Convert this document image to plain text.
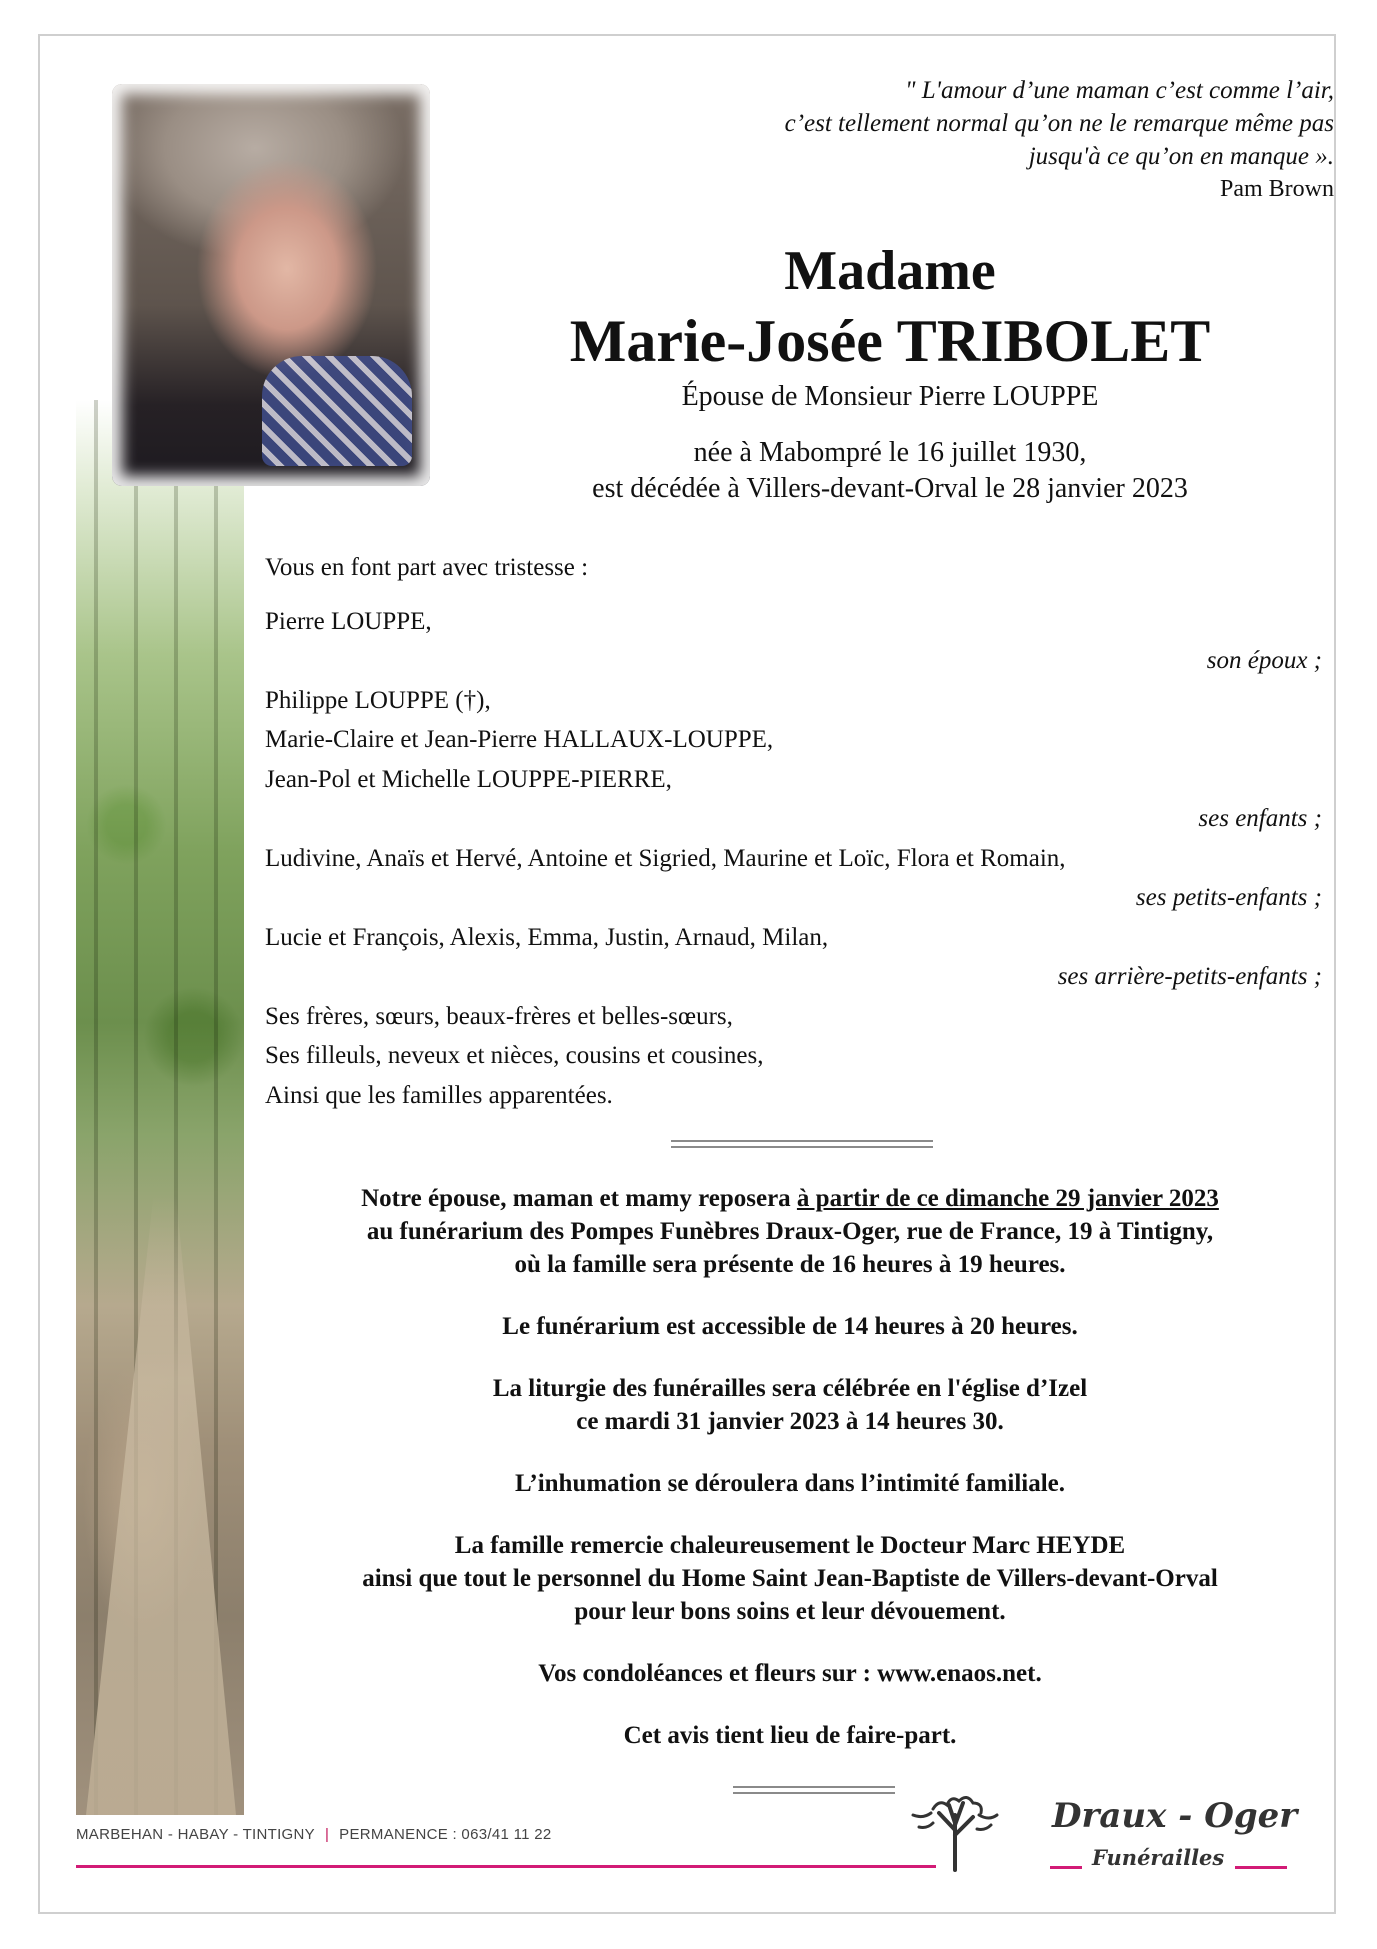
" L'amour d’une maman c’est comme l’air,
c’est tellement normal qu’on ne le remarque même pas
jusqu'à ce qu’on en manque ».
Pam Brown
Madame
Marie-Josée TRIBOLET
Épouse de Monsieur Pierre LOUPPE
née à Mabompré le 16 juillet 1930,
est décédée à Villers-devant-Orval le 28 janvier 2023
Vous en font part avec tristesse :
Pierre LOUPPE,
son époux ;
Philippe LOUPPE (†),
Marie-Claire et Jean-Pierre HALLAUX-LOUPPE,
Jean-Pol et Michelle LOUPPE-PIERRE,
ses enfants ;
Ludivine, Anaïs et Hervé, Antoine et Sigried, Maurine et Loïc, Flora et Romain,
ses petits-enfants ;
Lucie et François, Alexis, Emma, Justin, Arnaud, Milan,
ses arrière-petits-enfants ;
Ses frères, sœurs, beaux-frères et belles-sœurs,
Ses filleuls, neveux et nièces, cousins et cousines,
Ainsi que les familles apparentées.

Notre épouse, maman et mamy reposera à partir de ce dimanche 29 janvier 2023

au funérarium des Pompes Funèbres Draux-Oger, rue de France, 19 à Tintigny,

où la famille sera présente de 16 heures à 19 heures.

Le funérarium est accessible de 14 heures à 20 heures.

La liturgie des funérailles sera célébrée en l'église d’Izel

ce mardi 31 janvier 2023 à 14 heures 30.

L’inhumation se déroulera dans l’intimité familiale.

La famille remercie chaleureusement le Docteur Marc HEYDE

ainsi que tout le personnel du Home Saint Jean-Baptiste de Villers-devant-Orval

pour leur bons soins et leur dévouement.

Vos condoléances et fleurs sur : www.enaos.net.

Cet avis tient lieu de faire-part.

MARBEHAN - HABAY - TINTIGNY | PERMANENCE : 063/41 11 22	Draux - Oger
Funérailles
